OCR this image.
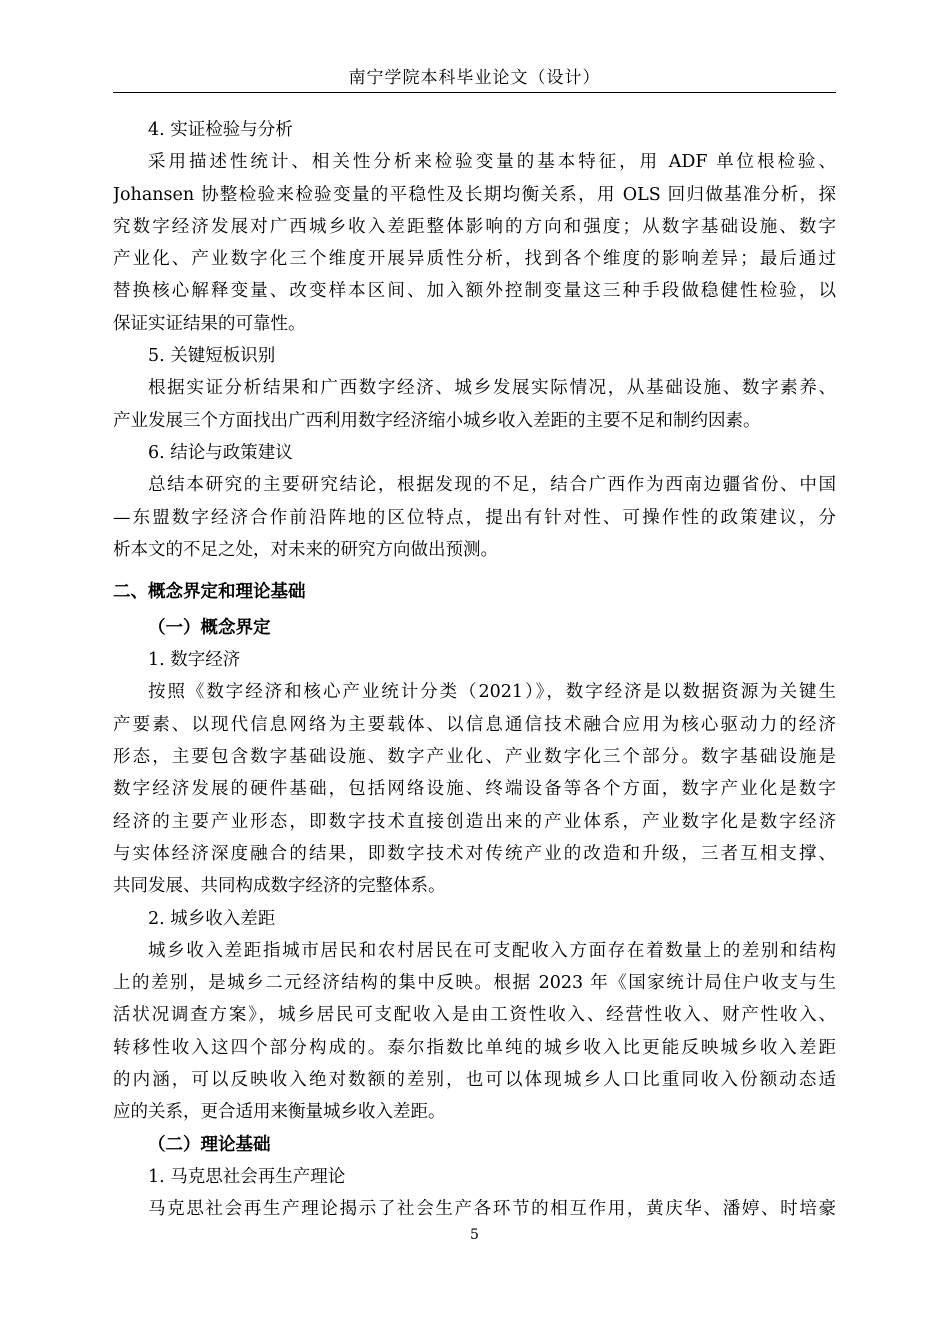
南宁学院本科毕业论文（设计）
4. 实证检验与分析
采用描述性统计、相关性分析来检验变量的基本特征，用 ADF 单位根检验、
Johansen 协整检验来检验变量的平稳性及长期均衡关系，用 OLS 回归做基准分析，探
究数字经济发展对广西城乡收入差距整体影响的方向和强度；从数字基础设施、数字
产业化、产业数字化三个维度开展异质性分析，找到各个维度的影响差异；最后通过
替换核心解释变量、改变样本区间、加入额外控制变量这三种手段做稳健性检验，以
保证实证结果的可靠性。
5. 关键短板识别
根据实证分析结果和广西数字经济、城乡发展实际情况，从基础设施、数字素养、
产业发展三个方面找出广西利用数字经济缩小城乡收入差距的主要不足和制约因素。
6. 结论与政策建议
总结本研究的主要研究结论，根据发现的不足，结合广西作为西南边疆省份、中国
—东盟数字经济合作前沿阵地的区位特点，提出有针对性、可操作性的政策建议，分
析本文的不足之处，对未来的研究方向做出预测。
二、概念界定和理论基础
（一）概念界定
1. 数字经济
按照《数字经济和核心产业统计分类（2021）》，数字经济是以数据资源为关键生
产要素、以现代信息网络为主要载体、以信息通信技术融合应用为核心驱动力的经济
形态，主要包含数字基础设施、数字产业化、产业数字化三个部分。数字基础设施是
数字经济发展的硬件基础，包括网络设施、终端设备等各个方面，数字产业化是数字
经济的主要产业形态，即数字技术直接创造出来的产业体系，产业数字化是数字经济
与实体经济深度融合的结果，即数字技术对传统产业的改造和升级，三者互相支撑、
共同发展、共同构成数字经济的完整体系。
2. 城乡收入差距
城乡收入差距指城市居民和农村居民在可支配收入方面存在着数量上的差别和结构
上的差别，是城乡二元经济结构的集中反映。根据 2023 年《国家统计局住户收支与生
活状况调查方案》，城乡居民可支配收入是由工资性收入、经营性收入、财产性收入、
转移性收入这四个部分构成的。泰尔指数比单纯的城乡收入比更能反映城乡收入差距
的内涵，可以反映收入绝对数额的差别，也可以体现城乡人口比重同收入份额动态适
应的关系，更合适用来衡量城乡收入差距。
（二）理论基础
1. 马克思社会再生产理论
马克思社会再生产理论揭示了社会生产各环节的相互作用，黄庆华、潘婷、时培豪
5
